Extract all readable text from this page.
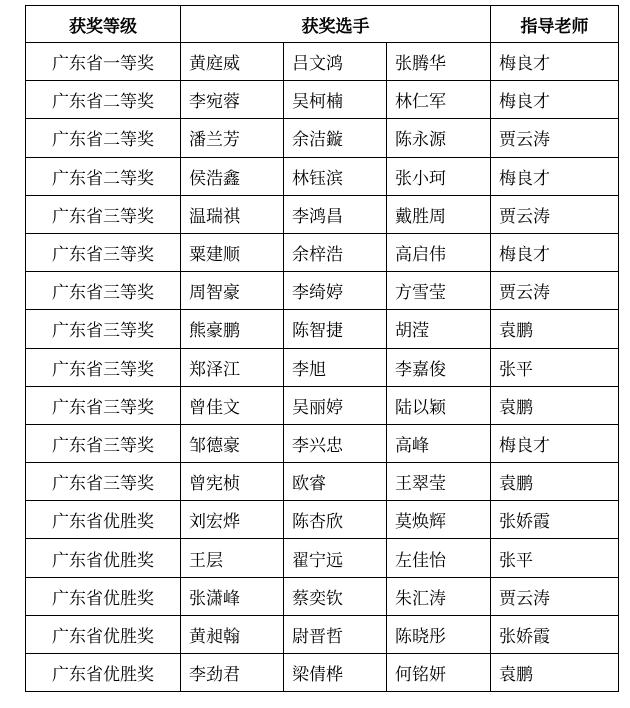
获奖等级	获奖选手			指导老师
广东省一等奖	黄庭威	吕文鸿	张腾华	梅良才
广东省二等奖	李宛蓉	吴柯楠	林仁军	梅良才
广东省二等奖	潘兰芳	余洁鏇	陈永源	贾云涛
广东省二等奖	侯浩鑫	林钰滨	张小珂	梅良才
广东省三等奖	温瑞祺	李鸿昌	戴胜周	贾云涛
广东省三等奖	粟建顺	余梓浩	高启伟	梅良才
广东省三等奖	周智豪	李绮婷	方雪莹	贾云涛
广东省三等奖	熊豪鹏	陈智捷	胡滢	袁鹏
广东省三等奖	郑泽江	李旭	李嘉俊	张平
广东省三等奖	曾佳文	吴丽婷	陆以颖	袁鹏
广东省三等奖	邹德豪	李兴忠	高峰	梅良才
广东省三等奖	曾宪桢	欧睿	王翠莹	袁鹏
广东省优胜奖	刘宏烨	陈杏欣	莫焕辉	张娇霞
广东省优胜奖	王层	翟宁远	左佳怡	张平
广东省优胜奖	张潇峰	蔡奕钦	朱汇涛	贾云涛
广东省优胜奖	黄昶翰	尉晋哲	陈晓彤	张娇霞
广东省优胜奖	李劲君	梁倩桦	何铭妍	袁鹏
